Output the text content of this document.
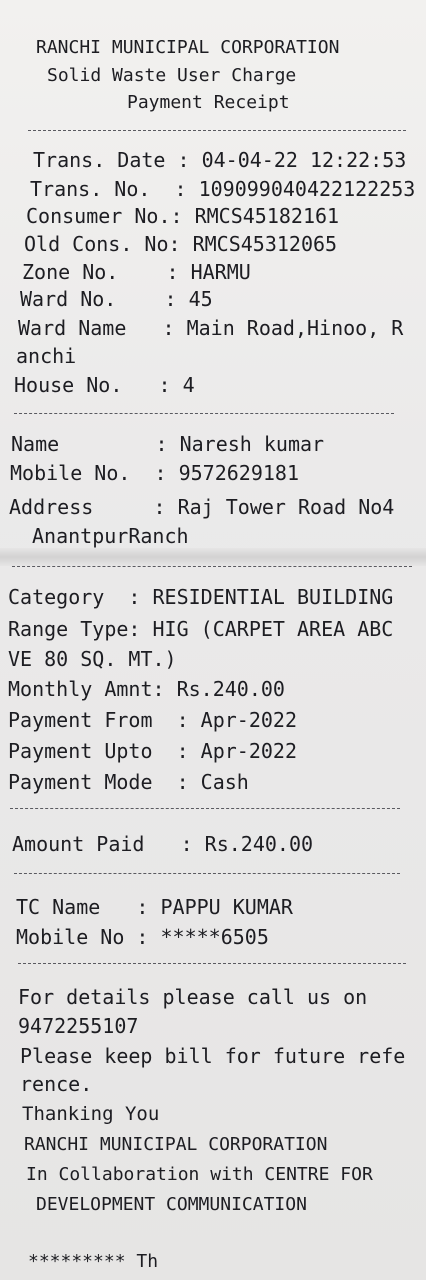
RANCHI MUNICIPAL CORPORATION
Solid Waste User Charge
Payment Receipt
Trans. Date : 04-04-22 12:22:53
Trans. No.  : 109099040422122253
Consumer No.: RMCS45182161
Old Cons. No: RMCS45312065
Zone No.    : HARMU
Ward No.    : 45
Ward Name   : Main Road,Hinoo, R
anchi
House No.   : 4
Name        : Naresh kumar
Mobile No.  : 9572629181
Address     : Raj Tower Road No4
AnantpurRanch
Category  : RESIDENTIAL BUILDING
Range Type: HIG (CARPET AREA ABC
VE 80 SQ. MT.)
Monthly Amnt: Rs.240.00
Payment From  : Apr-2022
Payment Upto  : Apr-2022
Payment Mode  : Cash
Amount Paid   : Rs.240.00
TC Name   : PAPPU KUMAR
Mobile No : *****6505
For details please call us on
9472255107
Please keep bill for future refe
rence.
Thanking You
RANCHI MUNICIPAL CORPORATION
In Collaboration with CENTRE FOR
DEVELOPMENT COMMUNICATION
********* Th
